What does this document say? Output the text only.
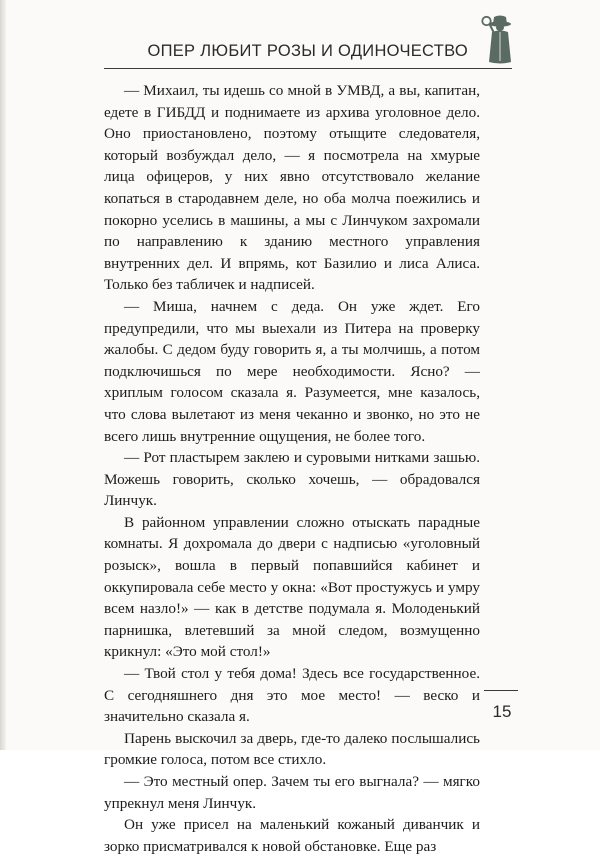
ОПЕР ЛЮБИТ РОЗЫ И ОДИНОЧЕСТВО

— Михаил, ты идешь со мной в УМВД, а вы, капитан, едете в ГИБДД и поднимаете из архива уголовное дело. Оно приостановлено, поэтому отыщите следователя, который возбуждал дело, — я посмотрела на хмурые лица офицеров, у них явно отсутствовало желание копаться в стародавнем деле, но оба молча поежились и покорно уселись в машины, а мы с Линчуком захромали по направлению к зданию местного управления внутренних дел. И впрямь, кот Базилио и лиса Алиса. Только без табличек и надписей.

— Миша, начнем с деда. Он уже ждет. Его предупредили, что мы выехали из Питера на проверку жалобы. С дедом буду говорить я, а ты молчишь, а потом подключишься по мере необходимости. Ясно? — хриплым голосом сказала я. Разумеется, мне казалось, что слова вылетают из меня чеканно и звонко, но это не всего лишь внутренние ощущения, не более того.

— Рот пластырем заклею и суровыми нитками зашью. Можешь говорить, сколько хочешь, — обрадовался Линчук.

В районном управлении сложно отыскать парадные комнаты. Я дохромала до двери с надписью «уголовный розыск», вошла в первый попавшийся кабинет и оккупировала себе место у окна: «Вот простужусь и умру всем назло!» — как в детстве подумала я. Молоденький парнишка, влетевший за мной следом, возмущенно крикнул: «Это мой стол!»

— Твой стол у тебя дома! Здесь все государственное. С сегодняшнего дня это мое место! — веско и значительно сказала я.

Парень выскочил за дверь, где-то далеко послышались громкие голоса, потом все стихло.

— Это местный опер. Зачем ты его выгнала? — мягко упрекнул меня Линчук.

Он уже присел на маленький кожаный диванчик и зорко присматривался к новой обстановке. Еще раз

15
